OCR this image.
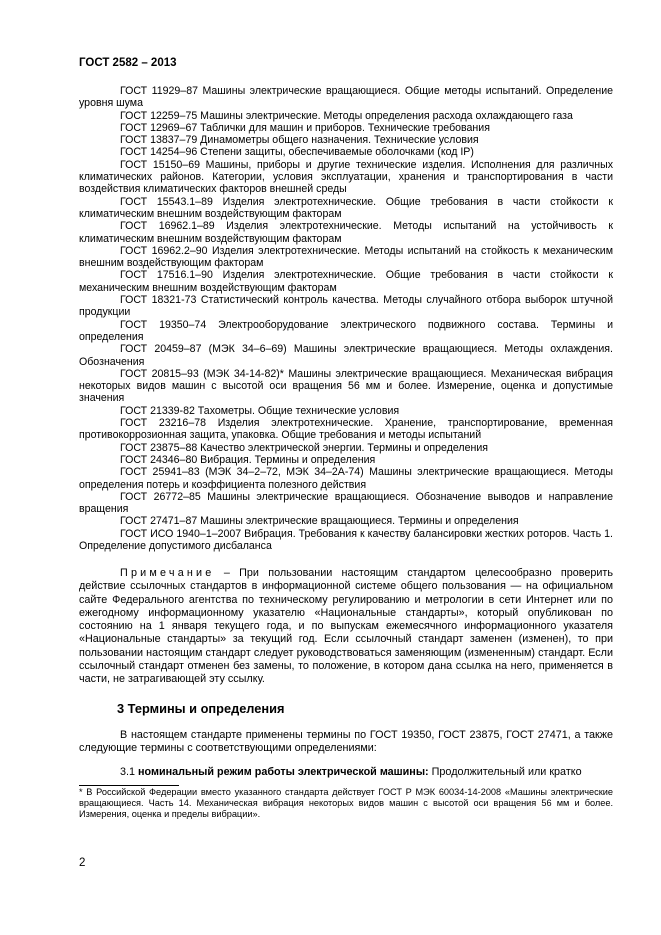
ГОСТ 2582 – 2013

ГОСТ 11929–87 Машины электрические вращающиеся. Общие методы испытаний. Определение уровня шума

ГОСТ 12259–75 Машины электрические. Методы определения расхода охлаждающего газа

ГОСТ 12969–67 Таблички для машин и приборов. Технические требования

ГОСТ 13837–79 Динамометры общего назначения. Технические условия

ГОСТ 14254–96 Степени защиты, обеспечиваемые оболочками (код IP)

ГОСТ 15150–69 Машины, приборы и другие технические изделия. Исполнения для различных климатических районов. Категории, условия эксплуатации, хранения и транспортирования в части воздействия климатических факторов внешней среды

ГОСТ 15543.1–89 Изделия электротехнические. Общие требования в части стойкости к климатическим внешним воздействующим факторам

ГОСТ 16962.1–89 Изделия электротехнические. Методы испытаний на устойчивость к климатическим внешним воздействующим факторам

ГОСТ 16962.2–90 Изделия электротехнические. Методы испытаний на стойкость к механическим внешним воздействующим факторам

ГОСТ 17516.1–90 Изделия электротехнические. Общие требования в части стойкости к механическим внешним воздействующим факторам

ГОСТ 18321-73 Статистический контроль качества. Методы случайного отбора выборок штучной продукции

ГОСТ 19350–74 Электрооборудование электрического подвижного состава. Термины и определения

ГОСТ 20459–87 (МЭК 34–6–69) Машины электрические вращающиеся. Методы охлаждения. Обозначения

ГОСТ 20815–93 (МЭК 34-14-82)* Машины электрические вращающиеся. Механическая вибрация некоторых видов машин с высотой оси вращения 56 мм и более. Измерение, оценка и допустимые значения

ГОСТ 21339-82 Тахометры. Общие технические условия

ГОСТ 23216–78 Изделия электротехнические. Хранение, транспортирование, временная противокоррозионная защита, упаковка. Общие требования и методы испытаний

ГОСТ 23875–88 Качество электрической энергии. Термины и определения

ГОСТ 24346–80 Вибрация. Термины и определения

ГОСТ 25941–83 (МЭК 34–2–72, МЭК 34–2А-74) Машины электрические вращающиеся. Методы определения потерь и коэффициента полезного действия

ГОСТ 26772–85 Машины электрические вращающиеся. Обозначение выводов и направление вращения

ГОСТ 27471–87 Машины электрические вращающиеся. Термины и определения

ГОСТ ИСО 1940–1–2007 Вибрация. Требования к качеству балансировки жестких роторов. Часть 1. Определение допустимого дисбаланса

Примечание – При пользовании настоящим стандартом целесообразно проверить действие ссылочных стандартов в информационной системе общего пользования — на официальном сайте Федерального агентства по техническому регулированию и метрологии в сети Интернет или по ежегодному информационному указателю «Национальные стандарты», который опубликован по состоянию на 1 января текущего года, и по выпускам ежемесячного информационного указателя «Национальные стандарты» за текущий год. Если ссылочный стандарт заменен (изменен), то при пользовании настоящим стандарт следует руководствоваться заменяющим (измененным) стандарт. Если ссылочный стандарт отменен без замены, то положение, в котором дана ссылка на него, применяется в части, не затрагивающей эту ссылку.
3 Термины и определения
В настоящем стандарте применены термины по ГОСТ 19350, ГОСТ 23875, ГОСТ 27471, а также следующие термины с соответствующими определениями:
3.1 номинальный режим работы электрической машины: Продолжительный или кратко
* В Российской Федерации вместо указанного стандарта действует ГОСТ Р МЭК 60034-14-2008 «Машины электрические вращающиеся. Часть 14. Механическая вибрация некоторых видов машин с высотой оси вращения 56 мм и более. Измерения, оценка и пределы вибрации».
2
